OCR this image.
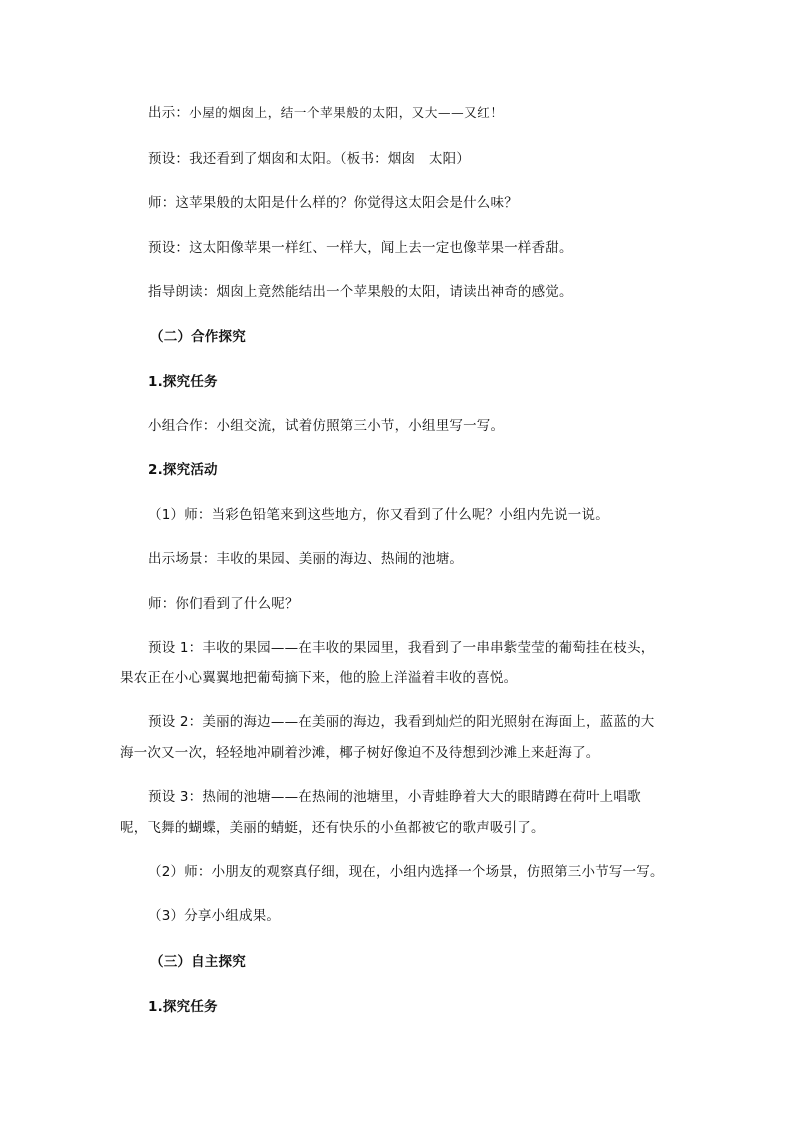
出示：小屋的烟囱上，结一个苹果般的太阳，又大——又红！
预设：我还看到了烟囱和太阳。（板书：烟囱　太阳）
师：这苹果般的太阳是什么样的？你觉得这太阳会是什么味？
预设：这太阳像苹果一样红、一样大，闻上去一定也像苹果一样香甜。
指导朗读：烟囱上竟然能结出一个苹果般的太阳，请读出神奇的感觉。
（二）合作探究
1.探究任务
小组合作：小组交流，试着仿照第三小节，小组里写一写。
2.探究活动
（1）师：当彩色铅笔来到这些地方，你又看到了什么呢？小组内先说一说。
出示场景：丰收的果园、美丽的海边、热闹的池塘。
师：你们看到了什么呢？
预设 1：丰收的果园——在丰收的果园里，我看到了一串串紫莹莹的葡萄挂在枝头，
果农正在小心翼翼地把葡萄摘下来，他的脸上洋溢着丰收的喜悦。
预设 2：美丽的海边——在美丽的海边，我看到灿烂的阳光照射在海面上，蓝蓝的大
海一次又一次，轻轻地冲刷着沙滩，椰子树好像迫不及待想到沙滩上来赶海了。
预设 3：热闹的池塘——在热闹的池塘里，小青蛙睁着大大的眼睛蹲在荷叶上唱歌
呢，飞舞的蝴蝶，美丽的蜻蜓，还有快乐的小鱼都被它的歌声吸引了。
（2）师：小朋友的观察真仔细，现在，小组内选择一个场景，仿照第三小节写一写。
（3）分享小组成果。
（三）自主探究
1.探究任务
